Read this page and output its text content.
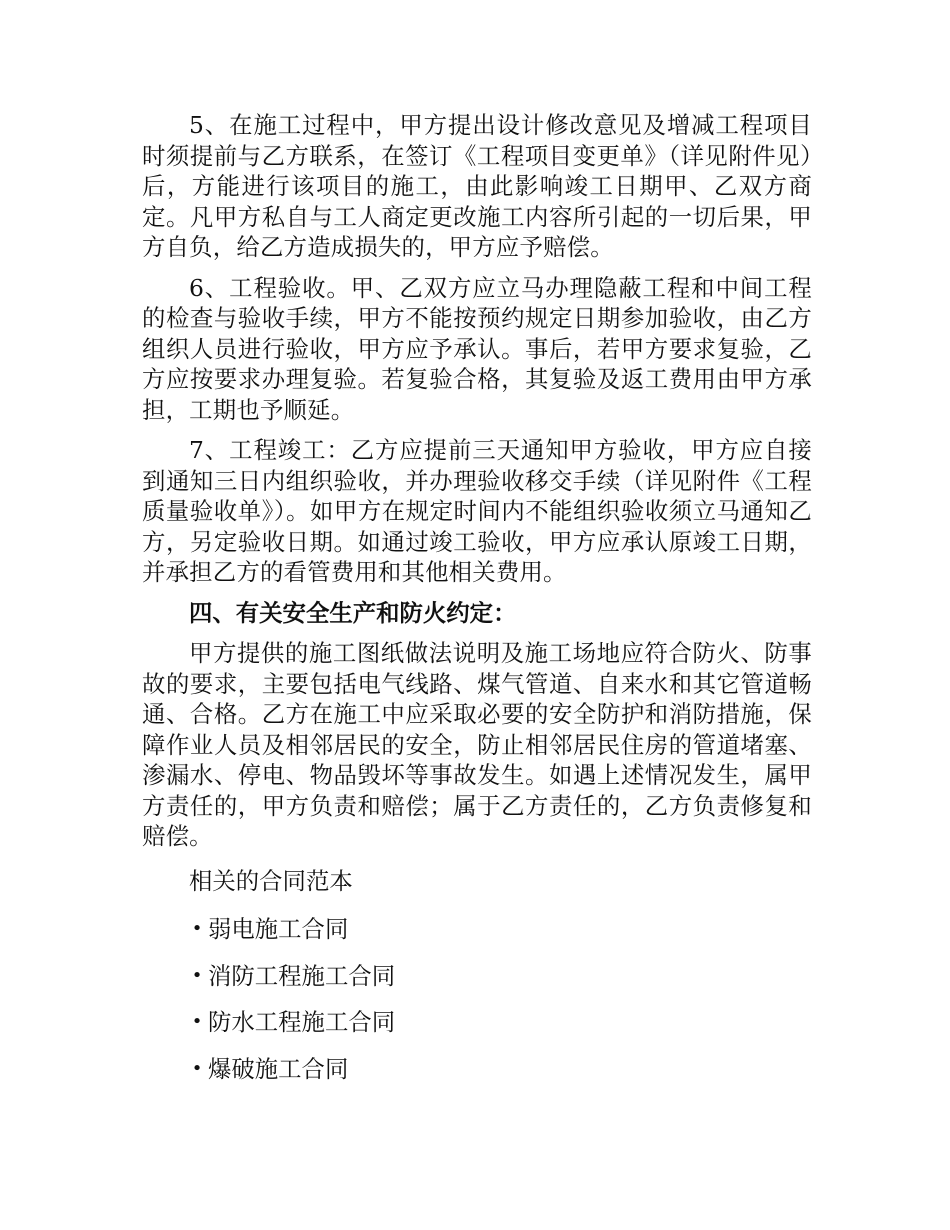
5、在施工过程中，甲方提出设计修改意见及增减工程项目时须提前与乙方联系，在签订《工程项目变更单》（详见附件见）后，方能进行该项目的施工，由此影响竣工日期甲、乙双方商定。凡甲方私自与工人商定更改施工内容所引起的一切后果，甲方自负，给乙方造成损失的，甲方应予赔偿。

6、工程验收。甲、乙双方应立马办理隐蔽工程和中间工程的检查与验收手续，甲方不能按预约规定日期参加验收，由乙方组织人员进行验收，甲方应予承认。事后，若甲方要求复验，乙方应按要求办理复验。若复验合格，其复验及返工费用由甲方承担，工期也予顺延。

7、工程竣工：乙方应提前三天通知甲方验收，甲方应自接到通知三日内组织验收，并办理验收移交手续（详见附件《工程质量验收单》）。如甲方在规定时间内不能组织验收须立马通知乙方，另定验收日期。如通过竣工验收，甲方应承认原竣工日期，并承担乙方的看管费用和其他相关费用。

四、有关安全生产和防火约定：

甲方提供的施工图纸做法说明及施工场地应符合防火、防事故的要求，主要包括电气线路、煤气管道、自来水和其它管道畅通、合格。乙方在施工中应采取必要的安全防护和消防措施，保障作业人员及相邻居民的安全，防止相邻居民住房的管道堵塞、渗漏水、停电、物品毁坏等事故发生。如遇上述情况发生，属甲方责任的，甲方负责和赔偿；属于乙方责任的，乙方负责修复和赔偿。

相关的合同范本

• 弱电施工合同
• 消防工程施工合同
• 防水工程施工合同
• 爆破施工合同
